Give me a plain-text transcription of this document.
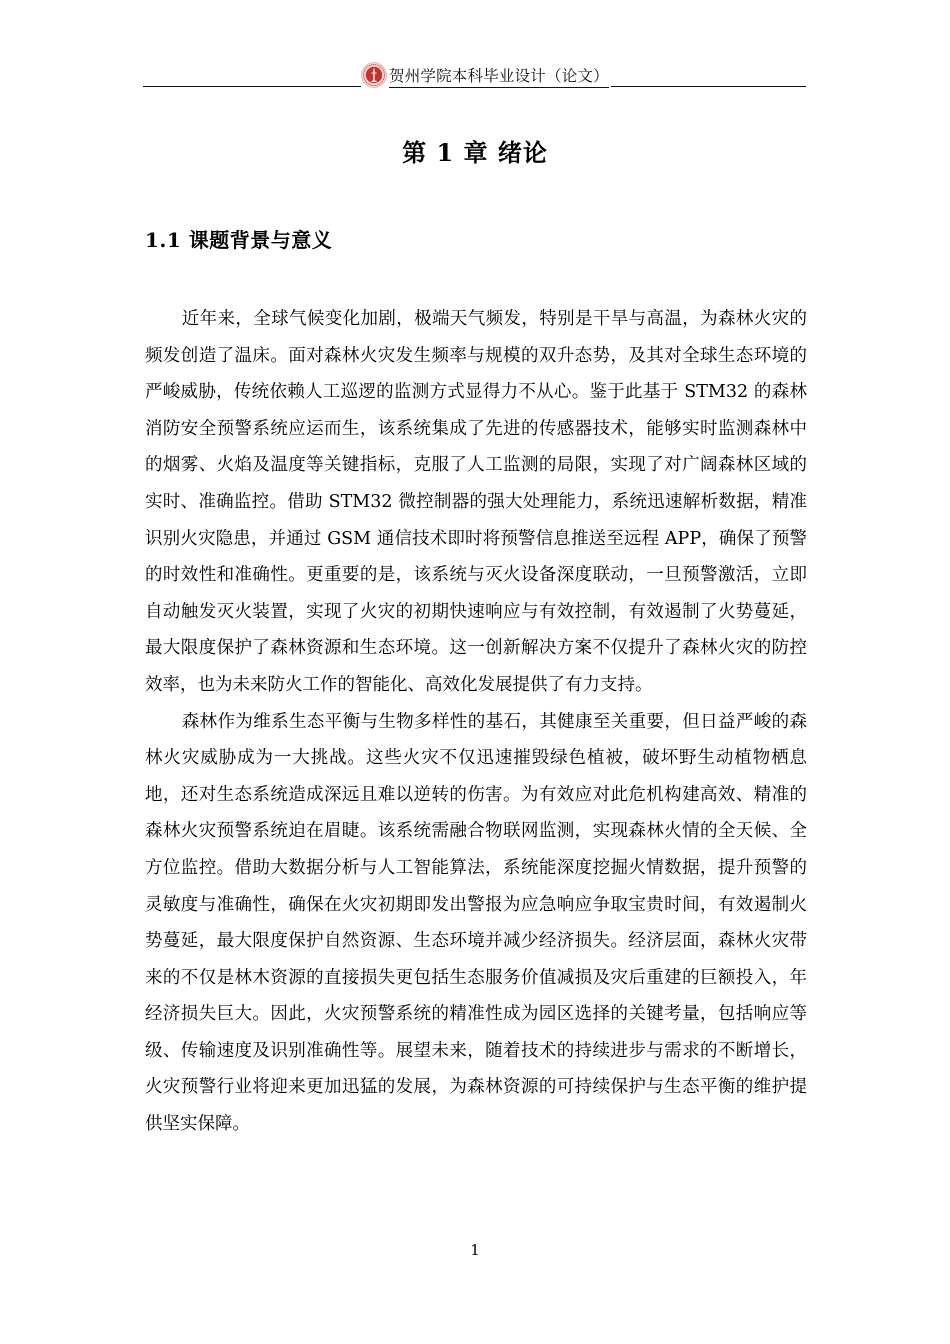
贺州学院本科毕业设计（论文）
第 1 章 绪论
1.1 课题背景与意义

近年来，全球气候变化加剧，极端天气频发，特别是干旱与高温，为森林火灾的频发创造了温床。面对森林火灾发生频率与规模的双升态势，及其对全球生态环境的严峻威胁，传统依赖人工巡逻的监测方式显得力不从心。鉴于此基于 STM32 的森林消防安全预警系统应运而生，该系统集成了先进的传感器技术，能够实时监测森林中的烟雾、火焰及温度等关键指标，克服了人工监测的局限，实现了对广阔森林区域的实时、准确监控。借助 STM32 微控制器的强大处理能力，系统迅速解析数据，精准识别火灾隐患，并通过 GSM 通信技术即时将预警信息推送至远程 APP，确保了预警的时效性和准确性。更重要的是，该系统与灭火设备深度联动，一旦预警激活，立即自动触发灭火装置，实现了火灾的初期快速响应与有效控制，有效遏制了火势蔓延，最大限度保护了森林资源和生态环境。这一创新解决方案不仅提升了森林火灾的防控效率，也为未来防火工作的智能化、高效化发展提供了有力支持。

森林作为维系生态平衡与生物多样性的基石，其健康至关重要，但日益严峻的森林火灾威胁成为一大挑战。这些火灾不仅迅速摧毁绿色植被，破坏野生动植物栖息地，还对生态系统造成深远且难以逆转的伤害。为有效应对此危机构建高效、精准的森林火灾预警系统迫在眉睫。该系统需融合物联网监测，实现森林火情的全天候、全方位监控。借助大数据分析与人工智能算法，系统能深度挖掘火情数据，提升预警的灵敏度与准确性，确保在火灾初期即发出警报为应急响应争取宝贵时间，有效遏制火势蔓延，最大限度保护自然资源、生态环境并减少经济损失。经济层面，森林火灾带来的不仅是林木资源的直接损失更包括生态服务价值减损及灾后重建的巨额投入，年经济损失巨大。因此，火灾预警系统的精准性成为园区选择的关键考量，包括响应等级、传输速度及识别准确性等。展望未来，随着技术的持续进步与需求的不断增长，火灾预警行业将迎来更加迅猛的发展，为森林资源的可持续保护与生态平衡的维护提供坚实保障。

1
